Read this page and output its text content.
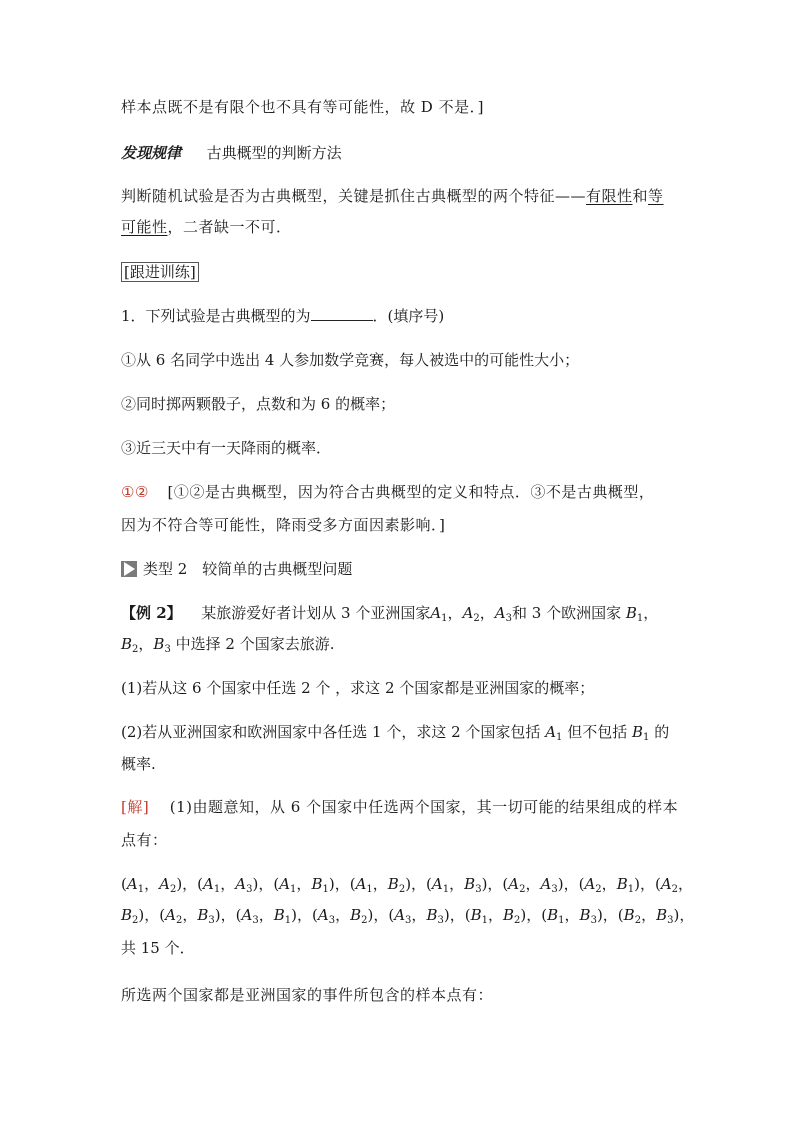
样本点既不是有限个也不具有等可能性，故 D 不是．]
发现规律 古典概型的判断方法
判断随机试验是否为古典概型，关键是抓住古典概型的两个特征——有限性和等
可能性，二者缺一不可．
[跟进训练]
1．下列试验是古典概型的为	．(填序号)
①从 6 名同学中选出 4 人参加数学竞赛，每人被选中的可能性大小；
②同时掷两颗骰子，点数和为 6 的概率；
③近三天中有一天降雨的概率．
①② [①②是古典概型，因为符合古典概型的定义和特点．③不是古典概型，
因为不符合等可能性，降雨受多方面因素影响．]
类型 2　较简单的古典概型问题
【例 2】 某旅游爱好者计划从 3 个亚洲国家$A_1$，$A_2$，$A_3$和 3 个欧洲国家 $B_1$，
$B_2$，$B_3$ 中选择 2 个国家去旅游.
(1)若从这 6 个国家中任选 2 个 ，求这 2 个国家都是亚洲国家的概率；
(2)若从亚洲国家和欧洲国家中各任选 1 个，求这 2 个国家包括 $A_1$ 但不包括 $B_1$ 的
概率.
[解] (1)由题意知，从 6 个国家中任选两个国家，其一切可能的结果组成的样本
点有：
($A_1$，$A_2$)，($A_1$，$A_3$)，($A_1$，$B_1$)，($A_1$，$B_2$)，($A_1$，$B_3$)，($A_2$，$A_3$)，($A_2$，$B_1$)，($A_2$，
$B_2$)，($A_2$，$B_3$)，($A_3$，$B_1$)，($A_3$，$B_2$)，($A_3$，$B_3$)，($B_1$，$B_2$)，($B_1$，$B_3$)，($B_2$，$B_3$)，
共 15 个．
所选两个国家都是亚洲国家的事件所包含的样本点有：
